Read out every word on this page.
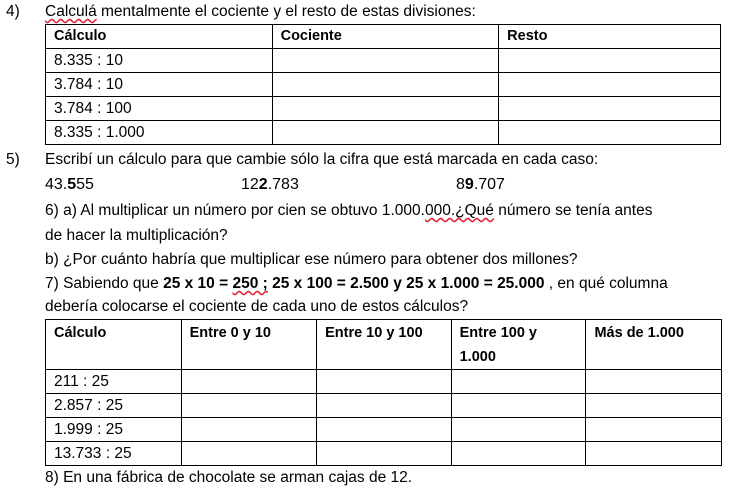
4) Calculá mentalmente el cociente y el resto de estas divisiones:
Cálculo	Cociente	Resto
8.335 : 10		
3.784 : 10		
3.784 : 100		
8.335 : 1.000		
5) Escribí un cálculo para que cambie sólo la cifra que está marcada en cada caso:
43.555	122.783	89.707
6) a) Al multiplicar un número por cien se obtuvo 1.000.000.¿Qué número se tenía antes
de hacer la multiplicación?
b) ¿Por cuánto habría que multiplicar ese número para obtener dos millones?
7) Sabiendo que 25 x 10 = 250 ; 25 x 100 = 2.500 y 25 x 1.000 = 25.000 , en qué columna
debería colocarse el cociente de cada uno de estos cálculos?
Cálculo	Entre 0 y 10	Entre 10 y 100	Entre 100 y 1.000	Más de 1.000
211 : 25				
2.857 : 25				
1.999 : 25				
13.733 : 25				
8) En una fábrica de chocolate se arman cajas de 12.
